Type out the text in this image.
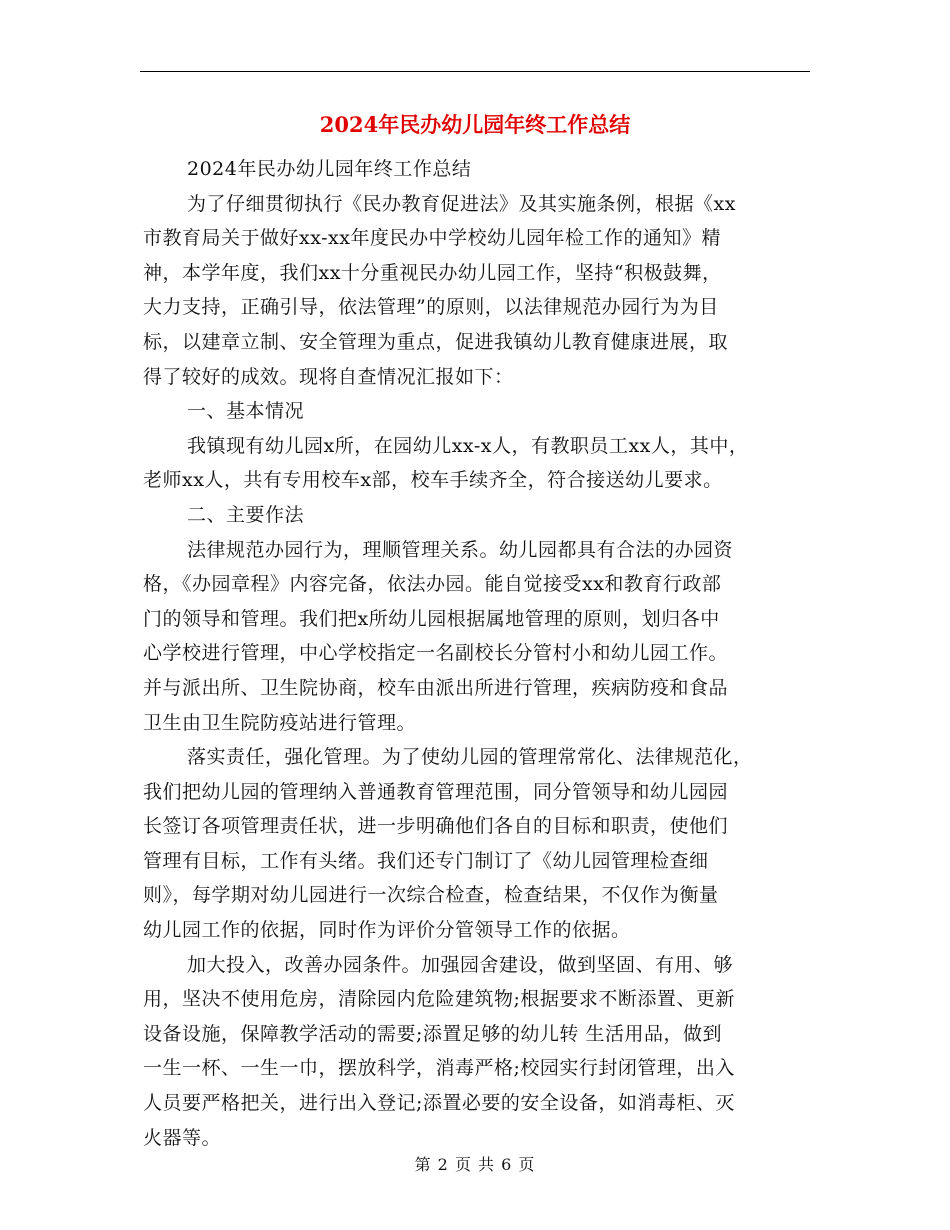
2024年民办幼儿园年终工作总结
2024年民办幼儿园年终工作总结
为了仔细贯彻执行《民办教育促进法》及其实施条例，根据《xx
市教育局关于做好xx-xx年度民办中学校幼儿园年检工作的通知》精
神，本学年度，我们xx十分重视民办幼儿园工作，坚持“积极鼓舞，
大力支持，正确引导，依法管理”的原则，以法律规范办园行为为目
标，以建章立制、安全管理为重点，促进我镇幼儿教育健康进展，取
得了较好的成效。现将自查情况汇报如下：
一、基本情况
我镇现有幼儿园x所，在园幼儿xx-x人，有教职员工xx人，其中，
老师xx人，共有专用校车x部，校车手续齐全，符合接送幼儿要求。
二、主要作法
法律规范办园行为，理顺管理关系。幼儿园都具有合法的办园资
格，《办园章程》内容完备，依法办园。能自觉接受xx和教育行政部
门的领导和管理。我们把x所幼儿园根据属地管理的原则，划归各中
心学校进行管理，中心学校指定一名副校长分管村小和幼儿园工作。
并与派出所、卫生院协商，校车由派出所进行管理，疾病防疫和食品
卫生由卫生院防疫站进行管理。
落实责任，强化管理。为了使幼儿园的管理常常化、法律规范化，
我们把幼儿园的管理纳入普通教育管理范围，同分管领导和幼儿园园
长签订各项管理责任状，进一步明确他们各自的目标和职责，使他们
管理有目标，工作有头绪。我们还专门制订了《幼儿园管理检查细
则》，每学期对幼儿园进行一次综合检查，检查结果，不仅作为衡量
幼儿园工作的依据，同时作为评价分管领导工作的依据。
加大投入，改善办园条件。加强园舍建设，做到坚固、有用、够
用，坚决不使用危房，清除园内危险建筑物;根据要求不断添置、更新
设备设施，保障教学活动的需要;添置足够的幼儿转 生活用品，做到
一生一杯、一生一巾，摆放科学，消毒严格;校园实行封闭管理，出入
人员要严格把关，进行出入登记;添置必要的安全设备，如消毒柜、灭
火器等。
第 2 页 共 6 页
